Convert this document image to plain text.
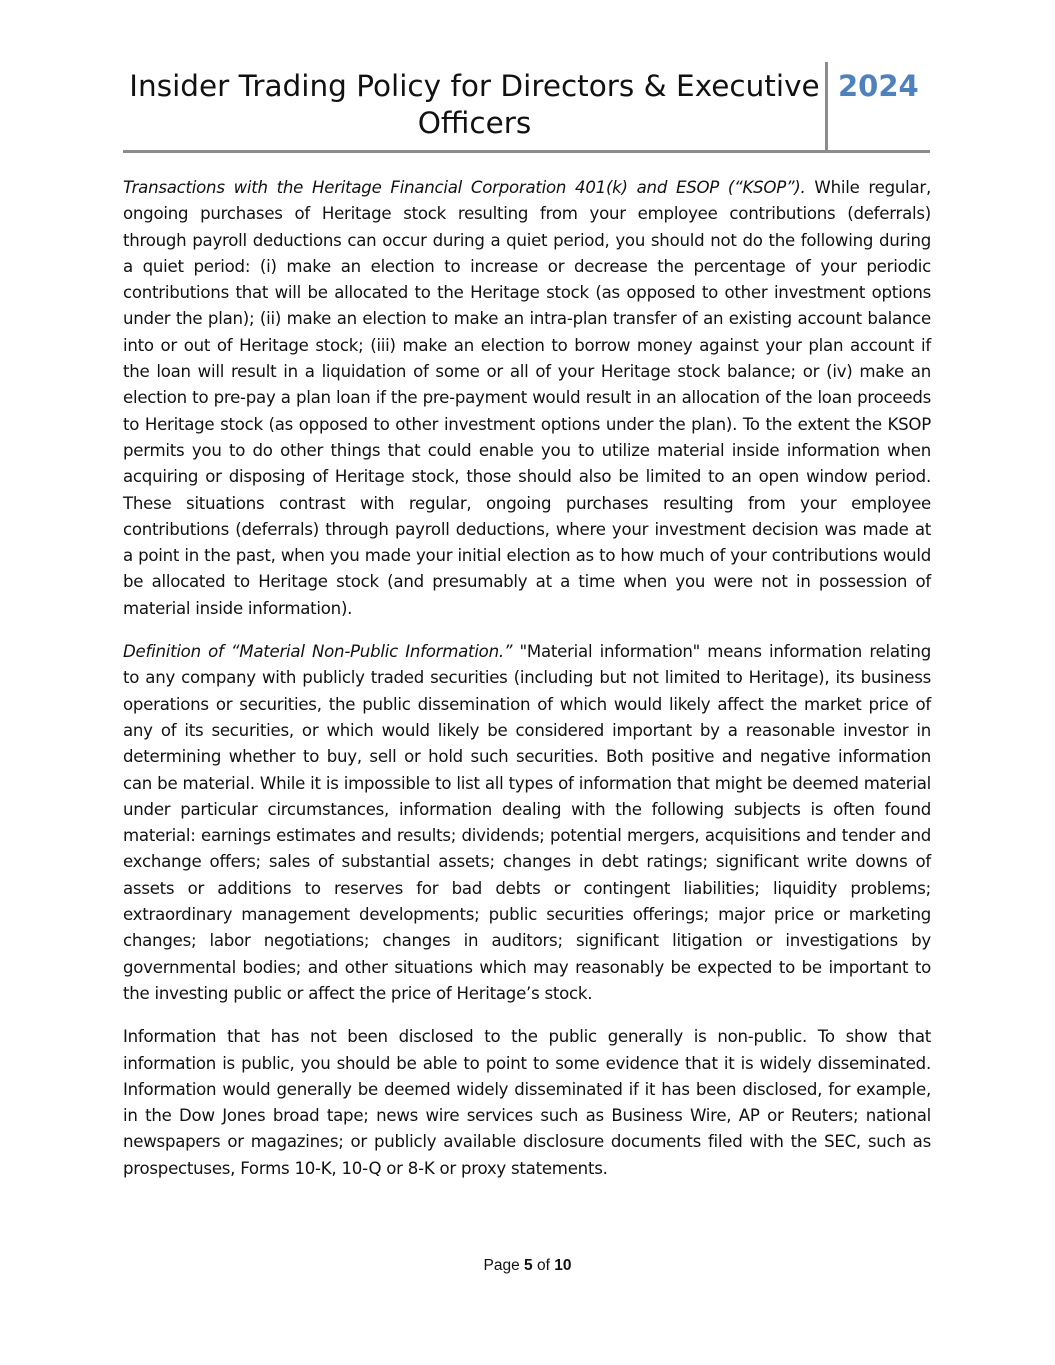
Insider Trading Policy for Directors & Executive Officers
2024

Transactions with the Heritage Financial Corporation 401(k) and ESOP (“KSOP”). While regular, ongoing purchases of Heritage stock resulting from your employee contributions (deferrals) through payroll deductions can occur during a quiet period, you should not do the following during a quiet period: (i) make an election to increase or decrease the percentage of your periodic contributions that will be allocated to the Heritage stock (as opposed to other investment options under the plan); (ii) make an election to make an intra-plan transfer of an existing account balance into or out of Heritage stock; (iii) make an election to borrow money against your plan account if the loan will result in a liquidation of some or all of your Heritage stock balance; or (iv) make an election to pre-pay a plan loan if the pre-payment would result in an allocation of the loan proceeds to Heritage stock (as opposed to other investment options under the plan). To the extent the KSOP permits you to do other things that could enable you to utilize material inside information when acquiring or disposing of Heritage stock, those should also be limited to an open window period. These situations contrast with regular, ongoing purchases resulting from your employee contributions (deferrals) through payroll deductions, where your investment decision was made at a point in the past, when you made your initial election as to how much of your contributions would be allocated to Heritage stock (and presumably at a time when you were not in possession of material inside information).

Definition of “Material Non-Public Information.” "Material information" means information relating to any company with publicly traded securities (including but not limited to Heritage), its business operations or securities, the public dissemination of which would likely affect the market price of any of its securities, or which would likely be considered important by a reasonable investor in determining whether to buy, sell or hold such securities. Both positive and negative information can be material. While it is impossible to list all types of information that might be deemed material under particular circumstances, information dealing with the following subjects is often found material: earnings estimates and results; dividends; potential mergers, acquisitions and tender and exchange offers; sales of substantial assets; changes in debt ratings; significant write downs of assets or additions to reserves for bad debts or contingent liabilities; liquidity problems; extraordinary management developments; public securities offerings; major price or marketing changes; labor negotiations; changes in auditors; significant litigation or investigations by governmental bodies; and other situations which may reasonably be expected to be important to the investing public or affect the price of Heritage’s stock.

Information that has not been disclosed to the public generally is non-public. To show that information is public, you should be able to point to some evidence that it is widely disseminated. Information would generally be deemed widely disseminated if it has been disclosed, for example, in the Dow Jones broad tape; news wire services such as Business Wire, AP or Reuters; national newspapers or magazines; or publicly available disclosure documents filed with the SEC, such as prospectuses, Forms 10-K, 10-Q or 8-K or proxy statements.

Page 5 of 10
